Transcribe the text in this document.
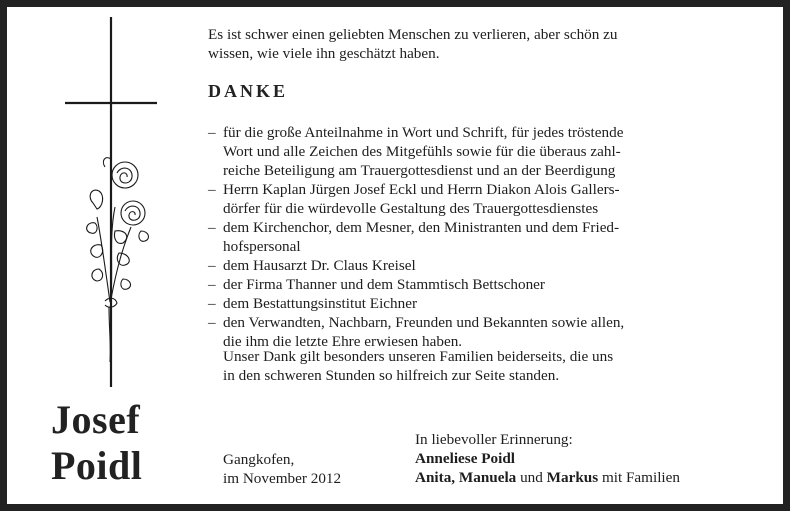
Es ist schwer einen geliebten Menschen zu verlieren, aber schön zu
wissen, wie viele ihn geschätzt haben.
DANKE
– für die große Anteilnahme in Wort und Schrift, für jedes tröstende
Wort und alle Zeichen des Mitgefühls sowie für die überaus zahl-
reiche Beteiligung am Trauergottesdienst und an der Beerdigung
– Herrn Kaplan Jürgen Josef Eckl und Herrn Diakon Alois Gallers-
dörfer für die würdevolle Gestaltung des Trauergottesdienstes
– dem Kirchenchor, dem Mesner, den Ministranten und dem Fried-
hofspersonal
– dem Hausarzt Dr. Claus Kreisel
– der Firma Thanner und dem Stammtisch Bettschoner
– dem Bestattungsinstitut Eichner
– den Verwandten, Nachbarn, Freunden und Bekannten sowie allen,
die ihm die letzte Ehre erwiesen haben.
Unser Dank gilt besonders unseren Familien beiderseits, die uns
in den schweren Stunden so hilfreich zur Seite standen.
Josef
Poidl	Gangkofen,
im November 2012
In liebevoller Erinnerung:
Anneliese Poidl
Anita, Manuela und Markus mit Familien
